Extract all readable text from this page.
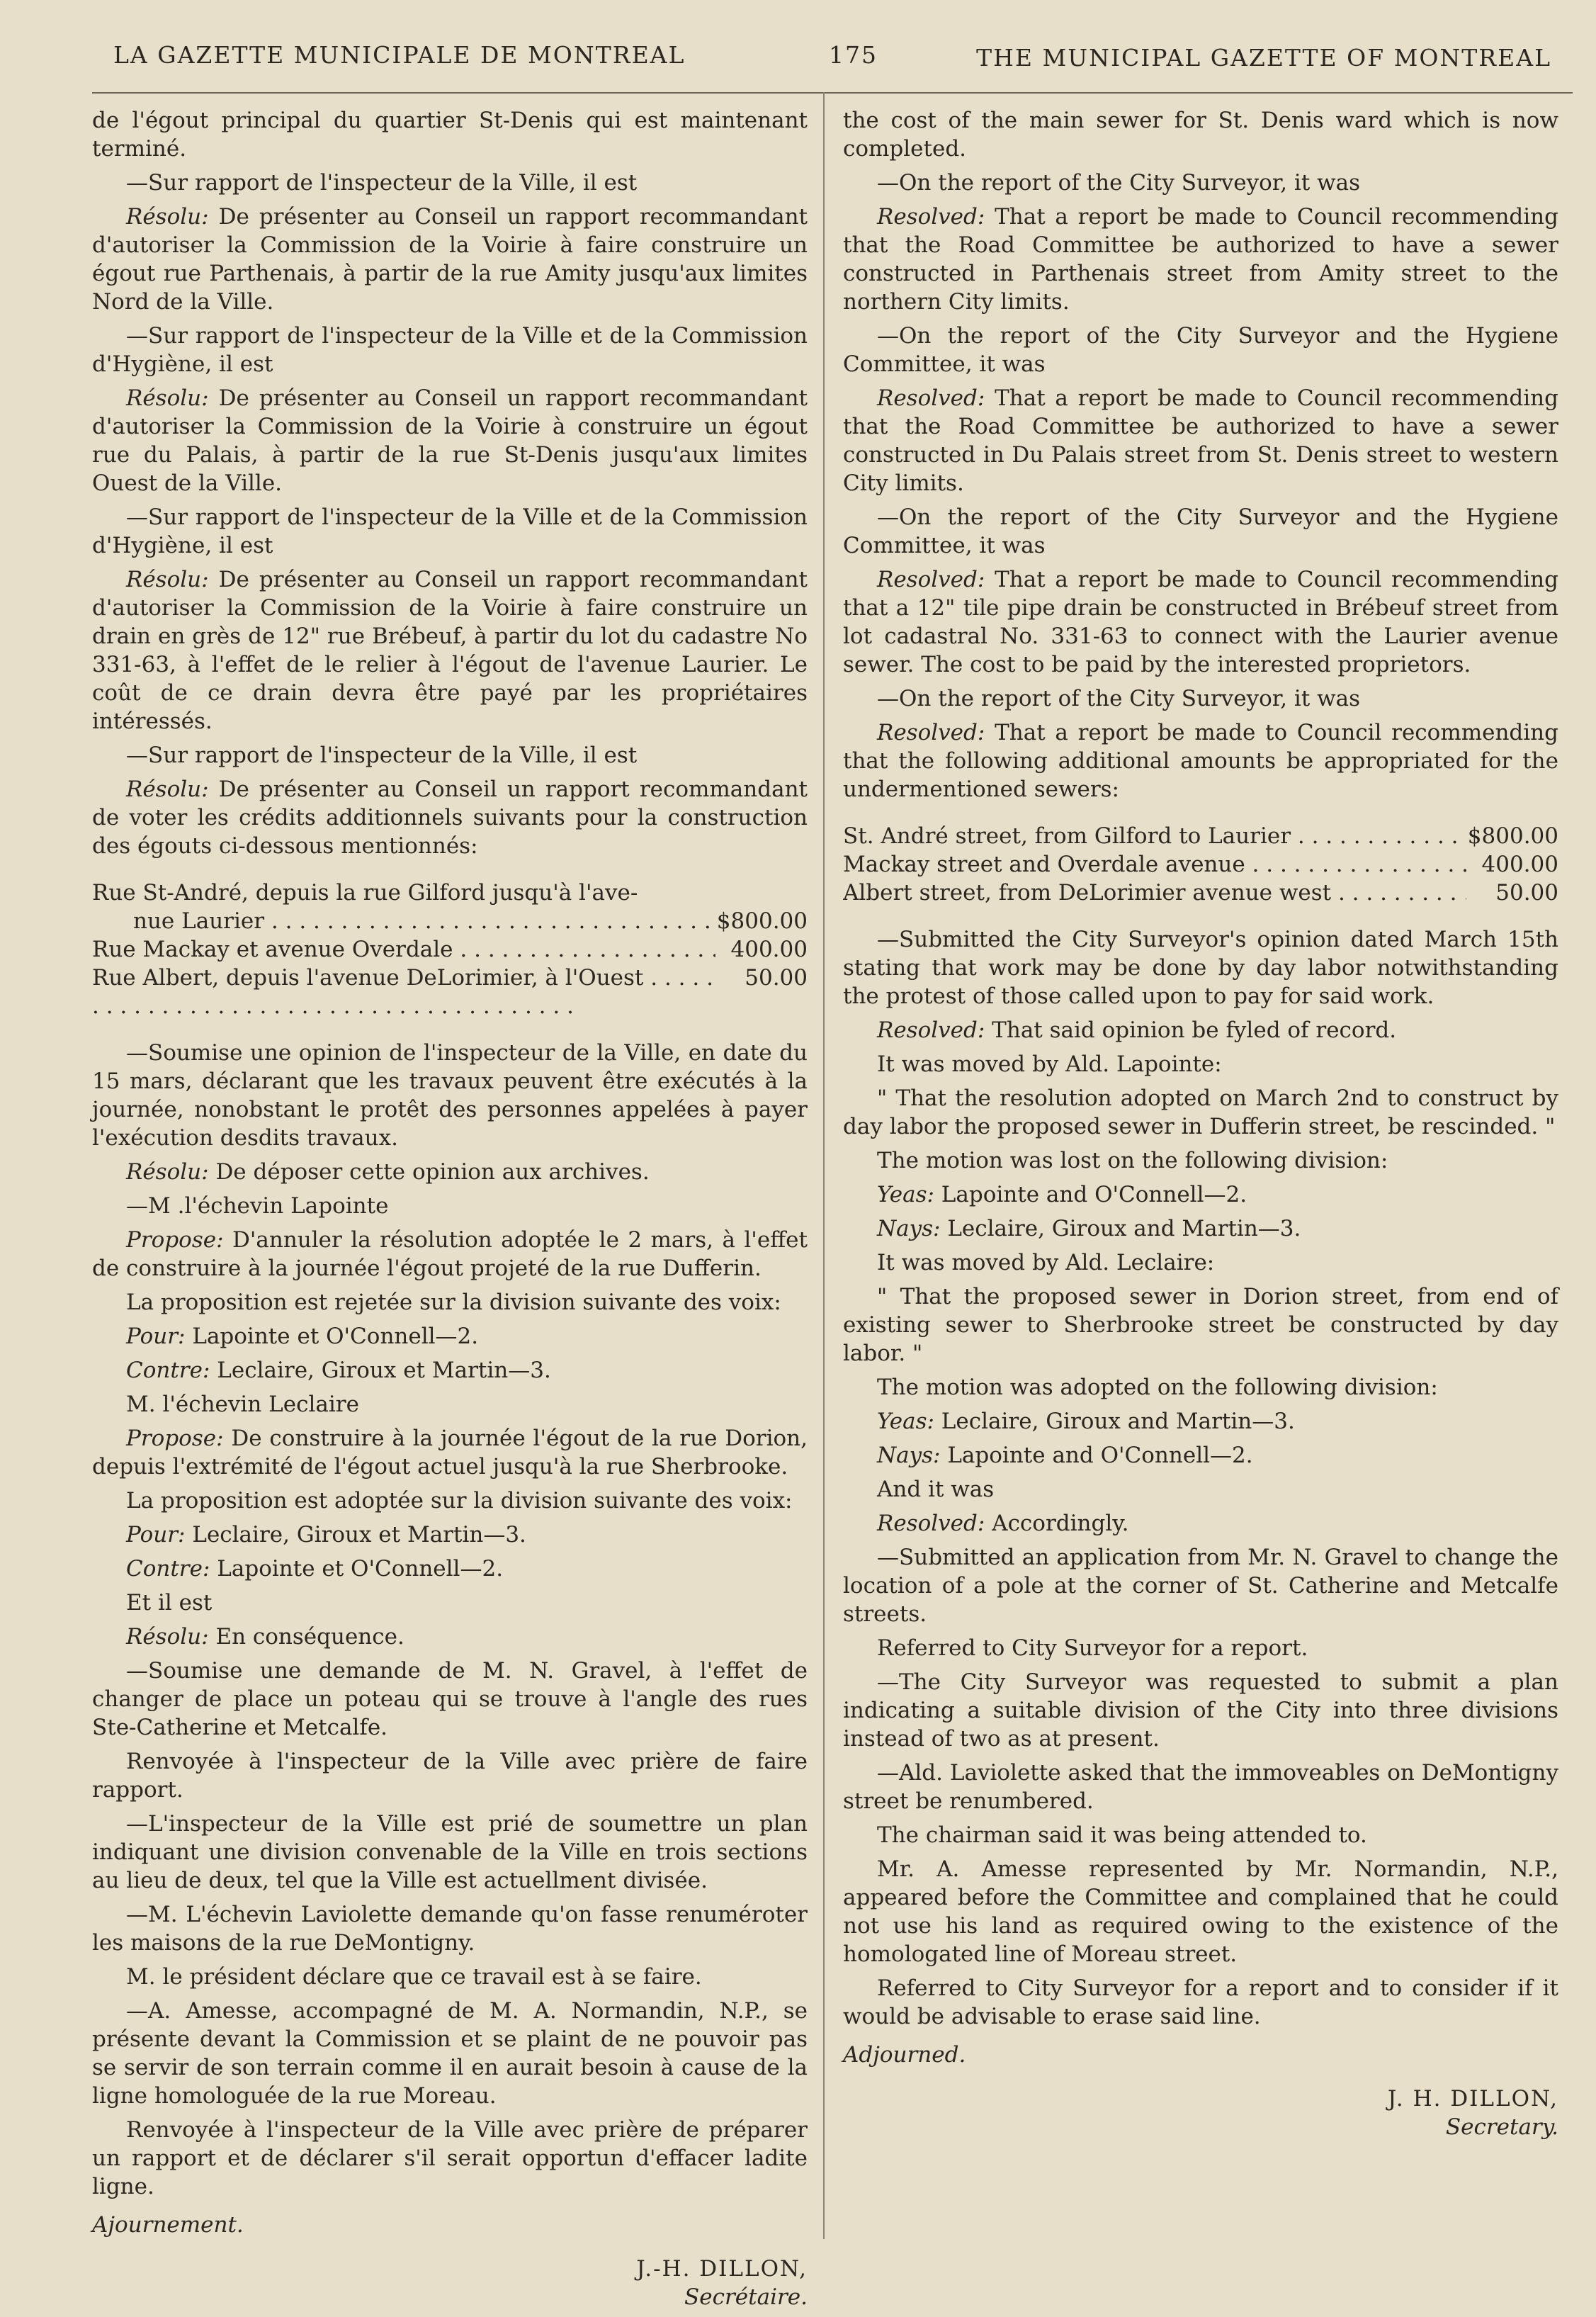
LA GAZETTE MUNICIPALE DE MONTREAL	175	THE MUNICIPAL GAZETTE OF MONTREAL

de l'égout principal du quartier St-Denis qui est maintenant terminé.

—Sur rapport de l'inspecteur de la Ville, il est

Résolu: De présenter au Conseil un rapport recommandant d'autoriser la Commission de la Voirie à faire construire un égout rue Parthenais, à partir de la rue Amity jusqu'aux limites Nord de la Ville.

—Sur rapport de l'inspecteur de la Ville et de la Commission d'Hygiène, il est

Résolu: De présenter au Conseil un rapport recommandant d'autoriser la Commission de la Voirie à construire un égout rue du Palais, à partir de la rue St-Denis jusqu'aux limites Ouest de la Ville.

—Sur rapport de l'inspecteur de la Ville et de la Commission d'Hygiène, il est

Résolu: De présenter au Conseil un rapport recommandant d'autoriser la Commission de la Voirie à faire construire un drain en grès de 12" rue Brébeuf, à partir du lot du cadastre No 331-63, à l'effet de le relier à l'égout de l'avenue Laurier. Le coût de ce drain devra être payé par les propriétaires intéressés.

—Sur rapport de l'inspecteur de la Ville, il est

Résolu: De présenter au Conseil un rapport recommandant de voter les crédits additionnels suivants pour la construction des égouts ci-dessous mentionnés:

Rue St-André, depuis la rue Gilford jusqu'à l'ave-
nue Laurier . . .	$800.00
Rue Mackay et avenue Overdale . . .	400.00
Rue Albert, depuis l'avenue DeLorimier, à l'Ouest . . .	50.00

—Soumise une opinion de l'inspecteur de la Ville, en date du 15 mars, déclarant que les travaux peuvent être exécutés à la journée, nonobstant le protêt des personnes appelées à payer l'exécution desdits travaux.

Résolu: De déposer cette opinion aux archives.

—M .l'échevin Lapointe

Propose: D'annuler la résolution adoptée le 2 mars, à l'effet de construire à la journée l'égout projeté de la rue Dufferin.

La proposition est rejetée sur la division suivante des voix:

Pour: Lapointe et O'Connell—2.

Contre: Leclaire, Giroux et Martin—3.

M. l'échevin Leclaire

Propose: De construire à la journée l'égout de la rue Dorion, depuis l'extrémité de l'égout actuel jusqu'à la rue Sherbrooke.

La proposition est adoptée sur la division suivante des voix:

Pour: Leclaire, Giroux et Martin—3.

Contre: Lapointe et O'Connell—2.

Et il est

Résolu: En conséquence.

—Soumise une demande de M. N. Gravel, à l'effet de changer de place un poteau qui se trouve à l'angle des rues Ste-Catherine et Metcalfe.

Renvoyée à l'inspecteur de la Ville avec prière de faire rapport.

—L'inspecteur de la Ville est prié de soumettre un plan indiquant une division convenable de la Ville en trois sections au lieu de deux, tel que la Ville est actuellment divisée.

—M. L'échevin Laviolette demande qu'on fasse renuméroter les maisons de la rue DeMontigny.

M. le président déclare que ce travail est à se faire.

—A. Amesse, accompagné de M. A. Normandin, N.P., se présente devant la Commission et se plaint de ne pouvoir pas se servir de son terrain comme il en aurait besoin à cause de la ligne homologuée de la rue Moreau.

Renvoyée à l'inspecteur de la Ville avec prière de préparer un rapport et de déclarer s'il serait opportun d'effacer ladite ligne.

Ajournement.

J.-H. DILLON,
Secrétaire.

the cost of the main sewer for St. Denis ward which is now completed.

—On the report of the City Surveyor, it was

Resolved: That a report be made to Council recommending that the Road Committee be authorized to have a sewer constructed in Parthenais street from Amity street to the northern City limits.

—On the report of the City Surveyor and the Hygiene Committee, it was

Resolved: That a report be made to Council recommending that the Road Committee be authorized to have a sewer constructed in Du Palais street from St. Denis street to western City limits.

—On the report of the City Surveyor and the Hygiene Committee, it was

Resolved: That a report be made to Council recommending that a 12" tile pipe drain be constructed in Brébeuf street from lot cadastral No. 331-63 to connect with the Laurier avenue sewer. The cost to be paid by the interested proprietors.

—On the report of the City Surveyor, it was

Resolved: That a report be made to Council recommending that the following additional amounts be appropriated for the undermentioned sewers:

St. André street, from Gilford to Laurier . . .	$800.00
Mackay street and Overdale avenue . . .	400.00
Albert street, from DeLorimier avenue west . . .	50.00

—Submitted the City Surveyor's opinion dated March 15th stating that work may be done by day labor notwithstanding the protest of those called upon to pay for said work.

Resolved: That said opinion be fyled of record.

It was moved by Ald. Lapointe:

" That the resolution adopted on March 2nd to construct by day labor the proposed sewer in Dufferin street, be rescinded. "

The motion was lost on the following division:

Yeas: Lapointe and O'Connell—2.

Nays: Leclaire, Giroux and Martin—3.

It was moved by Ald. Leclaire:

" That the proposed sewer in Dorion street, from end of existing sewer to Sherbrooke street be constructed by day labor. "

The motion was adopted on the following division:

Yeas: Leclaire, Giroux and Martin—3.

Nays: Lapointe and O'Connell—2.

And it was

Resolved: Accordingly.

—Submitted an application from Mr. N. Gravel to change the location of a pole at the corner of St. Catherine and Metcalfe streets.

Referred to City Surveyor for a report.

—The City Surveyor was requested to submit a plan indicating a suitable division of the City into three divisions instead of two as at present.

—Ald. Laviolette asked that the immoveables on DeMontigny street be renumbered.

The chairman said it was being attended to.

Mr. A. Amesse represented by Mr. Normandin, N.P., appeared before the Committee and complained that he could not use his land as required owing to the existence of the homologated line of Moreau street.

Referred to City Surveyor for a report and to consider if it would be advisable to erase said line.

Adjourned.

J. H. DILLON,
Secretary.
